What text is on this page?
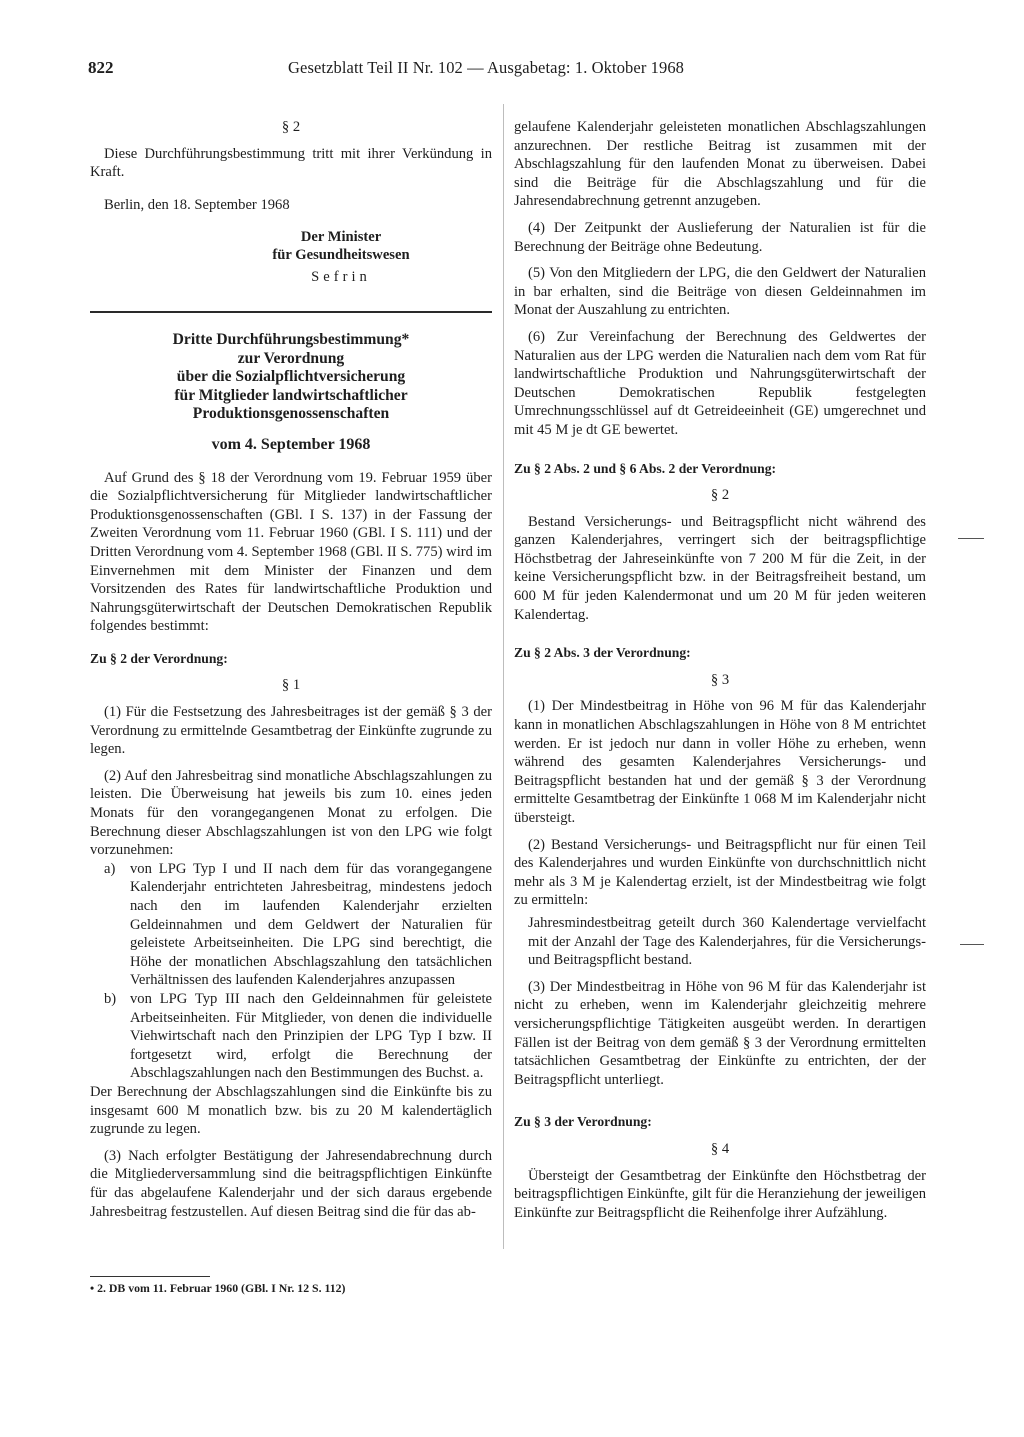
822	Gesetzblatt Teil II Nr. 102 — Ausgabetag: 1. Oktober 1968

§ 2

Diese Durchführungsbestimmung tritt mit ihrer Verkündung in Kraft.

Berlin, den 18. September 1968

Der Minister
für Gesundheitswesen

Sefrin

Dritte Durchführungsbestimmung*
zur Verordnung
über die Sozialpflichtversicherung
für Mitglieder landwirtschaftlicher
Produktionsgenossenschaften

vom 4. September 1968

Auf Grund des § 18 der Verordnung vom 19. Februar 1959 über die Sozialpflichtversicherung für Mitglieder landwirtschaftlicher Produktionsgenossenschaften (GBl. I S. 137) in der Fassung der Zweiten Verordnung vom 11. Februar 1960 (GBl. I S. 111) und der Dritten Verordnung vom 4. September 1968 (GBl. II S. 775) wird im Einvernehmen mit dem Minister der Finanzen und dem Vorsitzenden des Rates für landwirtschaftliche Produktion und Nahrungsgüterwirtschaft der Deutschen Demokratischen Republik folgendes bestimmt:

Zu § 2 der Verordnung:

§ 1

(1) Für die Festsetzung des Jahresbeitrages ist der gemäß § 3 der Verordnung zu ermittelnde Gesamtbetrag der Einkünfte zugrunde zu legen.

(2) Auf den Jahresbeitrag sind monatliche Abschlagszahlungen zu leisten. Die Überweisung hat jeweils bis zum 10. eines jeden Monats für den vorangegangenen Monat zu erfolgen. Die Berechnung dieser Abschlagszahlungen ist von den LPG wie folgt vorzunehmen:

a)	von LPG Typ I und II nach dem für das vorangegangene Kalenderjahr entrichteten Jahresbeitrag, mindestens jedoch nach den im laufenden Kalenderjahr erzielten Geldeinnahmen und dem Geldwert der Naturalien für geleistete Arbeitseinheiten. Die LPG sind berechtigt, die Höhe der monatlichen Abschlagszahlung den tatsächlichen Verhältnissen des laufenden Kalenderjahres anzupassen
b) von LPG Typ III nach den Geldeinnahmen für geleistete Arbeitseinheiten. Für Mitglieder, von denen die individuelle Viehwirtschaft nach den Prinzipien der LPG Typ I bzw. II fortgesetzt wird, erfolgt die Berechnung der Abschlagszahlungen nach den Bestimmungen des Buchst. a.

Der Berechnung der Abschlagszahlungen sind die Einkünfte bis zu insgesamt 600 M monatlich bzw. bis zu 20 M kalendertäglich zugrunde zu legen.

(3) Nach erfolgter Bestätigung der Jahresendabrechnung durch die Mitgliederversammlung sind die beitragspflichtigen Einkünfte für das abgelaufene Kalenderjahr und der sich daraus ergebende Jahresbeitrag festzustellen. Auf diesen Beitrag sind die für das ab-

• 2. DB vom 11. Februar 1960 (GBl. I Nr. 12 S. 112)

gelaufene Kalenderjahr geleisteten monatlichen Abschlagszahlungen anzurechnen. Der restliche Beitrag ist zusammen mit der Abschlagszahlung für den laufenden Monat zu überweisen. Dabei sind die Beiträge für die Abschlagszahlung und für die Jahresendabrechnung getrennt anzugeben.

(4) Der Zeitpunkt der Auslieferung der Naturalien ist für die Berechnung der Beiträge ohne Bedeutung.

(5) Von den Mitgliedern der LPG, die den Geldwert der Naturalien in bar erhalten, sind die Beiträge von diesen Geldeinnahmen im Monat der Auszahlung zu entrichten.

(6) Zur Vereinfachung der Berechnung des Geldwertes der Naturalien aus der LPG werden die Naturalien nach dem vom Rat für landwirtschaftliche Produktion und Nahrungsgüterwirtschaft der Deutschen Demokratischen Republik festgelegten Umrechnungsschlüssel auf dt Getreideeinheit (GE) umgerechnet und mit 45 M je dt GE bewertet.

Zu § 2 Abs. 2 und § 6 Abs. 2 der Verordnung:

§ 2

Bestand Versicherungs- und Beitragspflicht nicht während des ganzen Kalenderjahres, verringert sich der beitragspflichtige Höchstbetrag der Jahreseinkünfte von 7 200 M für die Zeit, in der keine Versicherungspflicht bzw. in der Beitragsfreiheit bestand, um 600 M für jeden Kalendermonat und um 20 M für jeden weiteren Kalendertag.

Zu § 2 Abs. 3 der Verordnung:

§ 3

(1) Der Mindestbeitrag in Höhe von 96 M für das Kalenderjahr kann in monatlichen Abschlagszahlungen in Höhe von 8 M entrichtet werden. Er ist jedoch nur dann in voller Höhe zu erheben, wenn während des gesamten Kalenderjahres Versicherungs- und Beitragspflicht bestanden hat und der gemäß § 3 der Verordnung ermittelte Gesamtbetrag der Einkünfte 1 068 M im Kalenderjahr nicht übersteigt.

(2) Bestand Versicherungs- und Beitragspflicht nur für einen Teil des Kalenderjahres und wurden Einkünfte von durchschnittlich nicht mehr als 3 M je Kalendertag erzielt, ist der Mindestbeitrag wie folgt zu ermitteln:

Jahresmindestbeitrag geteilt durch 360 Kalendertage vervielfacht mit der Anzahl der Tage des Kalenderjahres, für die Versicherungs- und Beitragspflicht bestand.

(3) Der Mindestbeitrag in Höhe von 96 M für das Kalenderjahr ist nicht zu erheben, wenn im Kalenderjahr gleichzeitig mehrere versicherungspflichtige Tätigkeiten ausgeübt werden. In derartigen Fällen ist der Beitrag von dem gemäß § 3 der Verordnung ermittelten tatsächlichen Gesamtbetrag der Einkünfte zu entrichten, der der Beitragspflicht unterliegt.

Zu § 3 der Verordnung:

§ 4

Übersteigt der Gesamtbetrag der Einkünfte den Höchstbetrag der beitragspflichtigen Einkünfte, gilt für die Heranziehung der jeweiligen Einkünfte zur Beitragspflicht die Reihenfolge ihrer Aufzählung.
